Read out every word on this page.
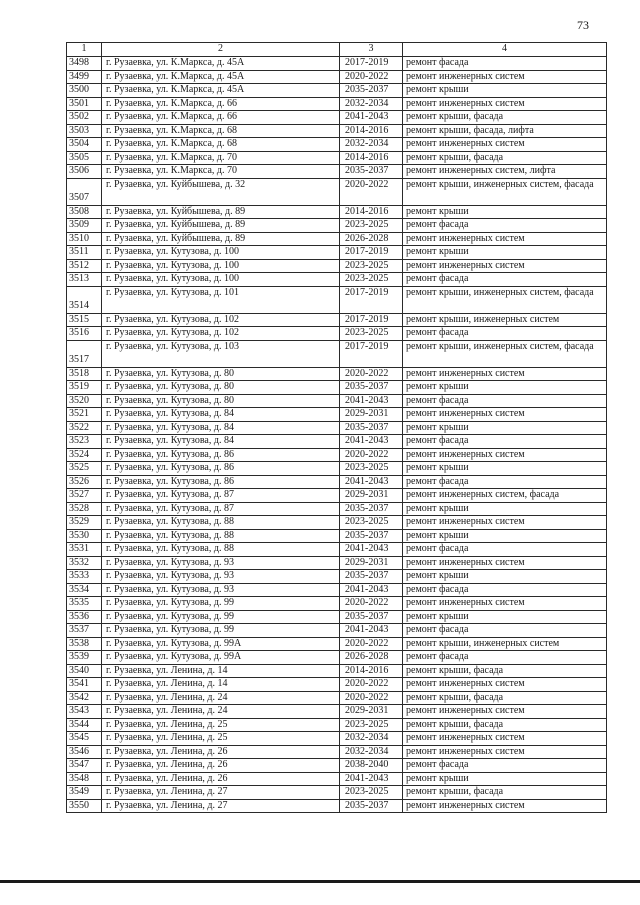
73
1	2	3	4
3498	г. Рузаевка, ул. К.Маркса, д. 45А	2017-2019	ремонт фасада
3499	г. Рузаевка, ул. К.Маркса, д. 45А	2020-2022	ремонт инженерных систем
3500	г. Рузаевка, ул. К.Маркса, д. 45А	2035-2037	ремонт крыши
3501	г. Рузаевка, ул. К.Маркса, д. 66	2032-2034	ремонт инженерных систем
3502	г. Рузаевка, ул. К.Маркса, д. 66	2041-2043	ремонт крыши, фасада
3503	г. Рузаевка, ул. К.Маркса, д. 68	2014-2016	ремонт крыши, фасада, лифта
3504	г. Рузаевка, ул. К.Маркса, д. 68	2032-2034	ремонт инженерных систем
3505	г. Рузаевка, ул. К.Маркса, д. 70	2014-2016	ремонт крыши, фасада
3506	г. Рузаевка, ул. К.Маркса, д. 70	2035-2037	ремонт инженерных систем, лифта
3507	г. Рузаевка, ул. Куйбышева, д. 32	2020-2022	ремонт крыши, инженерных систем, фасада
3508	г. Рузаевка, ул. Куйбышева, д. 89	2014-2016	ремонт крыши
3509	г. Рузаевка, ул. Куйбышева, д. 89	2023-2025	ремонт фасада
3510	г. Рузаевка, ул. Куйбышева, д. 89	2026-2028	ремонт инженерных систем
3511	г. Рузаевка, ул. Кутузова, д. 100	2017-2019	ремонт крыши
3512	г. Рузаевка, ул. Кутузова, д. 100	2023-2025	ремонт инженерных систем
3513	г. Рузаевка, ул. Кутузова, д. 100	2023-2025	ремонт фасада
3514	г. Рузаевка, ул. Кутузова, д. 101	2017-2019	ремонт крыши, инженерных систем, фасада
3515	г. Рузаевка, ул. Кутузова, д. 102	2017-2019	ремонт крыши, инженерных систем
3516	г. Рузаевка, ул. Кутузова, д. 102	2023-2025	ремонт фасада
3517	г. Рузаевка, ул. Кутузова, д. 103	2017-2019	ремонт крыши, инженерных систем, фасада
3518	г. Рузаевка, ул. Кутузова, д. 80	2020-2022	ремонт инженерных систем
3519	г. Рузаевка, ул. Кутузова, д. 80	2035-2037	ремонт крыши
3520	г. Рузаевка, ул. Кутузова, д. 80	2041-2043	ремонт фасада
3521	г. Рузаевка, ул. Кутузова, д. 84	2029-2031	ремонт инженерных систем
3522	г. Рузаевка, ул. Кутузова, д. 84	2035-2037	ремонт крыши
3523	г. Рузаевка, ул. Кутузова, д. 84	2041-2043	ремонт фасада
3524	г. Рузаевка, ул. Кутузова, д. 86	2020-2022	ремонт инженерных систем
3525	г. Рузаевка, ул. Кутузова, д. 86	2023-2025	ремонт крыши
3526	г. Рузаевка, ул. Кутузова, д. 86	2041-2043	ремонт фасада
3527	г. Рузаевка, ул. Кутузова, д. 87	2029-2031	ремонт инженерных систем, фасада
3528	г. Рузаевка, ул. Кутузова, д. 87	2035-2037	ремонт крыши
3529	г. Рузаевка, ул. Кутузова, д. 88	2023-2025	ремонт инженерных систем
3530	г. Рузаевка, ул. Кутузова, д. 88	2035-2037	ремонт крыши
3531	г. Рузаевка, ул. Кутузова, д. 88	2041-2043	ремонт фасада
3532	г. Рузаевка, ул. Кутузова, д. 93	2029-2031	ремонт инженерных систем
3533	г. Рузаевка, ул. Кутузова, д. 93	2035-2037	ремонт крыши
3534	г. Рузаевка, ул. Кутузова, д. 93	2041-2043	ремонт фасада
3535	г. Рузаевка, ул. Кутузова, д. 99	2020-2022	ремонт инженерных систем
3536	г. Рузаевка, ул. Кутузова, д. 99	2035-2037	ремонт крыши
3537	г. Рузаевка, ул. Кутузова, д. 99	2041-2043	ремонт фасада
3538	г. Рузаевка, ул. Кутузова, д. 99А	2020-2022	ремонт крыши, инженерных систем
3539	г. Рузаевка, ул. Кутузова, д. 99А	2026-2028	ремонт фасада
3540	г. Рузаевка, ул. Ленина, д. 14	2014-2016	ремонт крыши, фасада
3541	г. Рузаевка, ул. Ленина, д. 14	2020-2022	ремонт инженерных систем
3542	г. Рузаевка, ул. Ленина, д. 24	2020-2022	ремонт крыши, фасада
3543	г. Рузаевка, ул. Ленина, д. 24	2029-2031	ремонт инженерных систем
3544	г. Рузаевка, ул. Ленина, д. 25	2023-2025	ремонт крыши, фасада
3545	г. Рузаевка, ул. Ленина, д. 25	2032-2034	ремонт инженерных систем
3546	г. Рузаевка, ул. Ленина, д. 26	2032-2034	ремонт инженерных систем
3547	г. Рузаевка, ул. Ленина, д. 26	2038-2040	ремонт фасада
3548	г. Рузаевка, ул. Ленина, д. 26	2041-2043	ремонт крыши
3549	г. Рузаевка, ул. Ленина, д. 27	2023-2025	ремонт крыши, фасада
3550	г. Рузаевка, ул. Ленина, д. 27	2035-2037	ремонт инженерных систем
